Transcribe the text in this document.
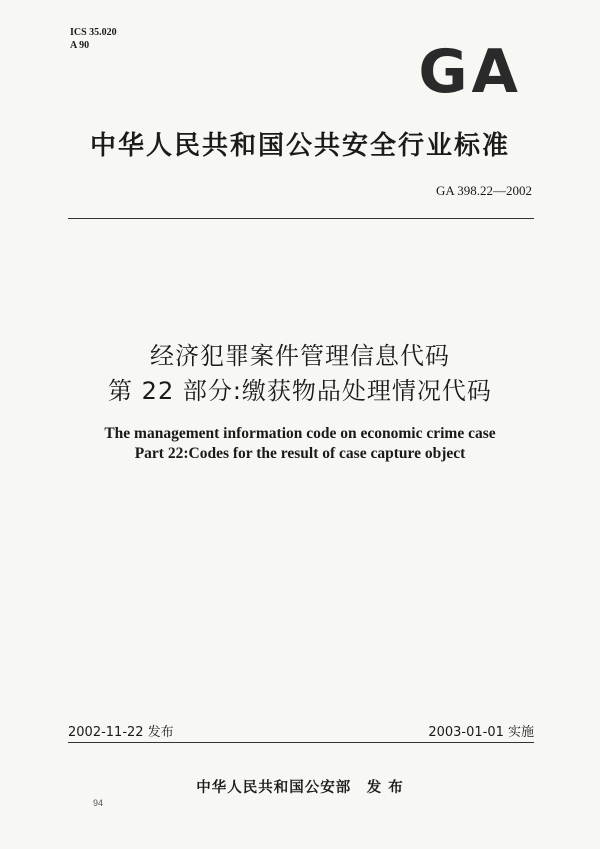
ICS 35.020
A 90	GA
中华人民共和国公共安全行业标准
GA 398.22—2002
经济犯罪案件管理信息代码
第 22 部分:缴获物品处理情况代码
The management information code on economic crime case
Part 22:Codes for the result of case capture object
2002-11-22 发布	2003-01-01 实施
中华人民共和国公安部　发 布
94
